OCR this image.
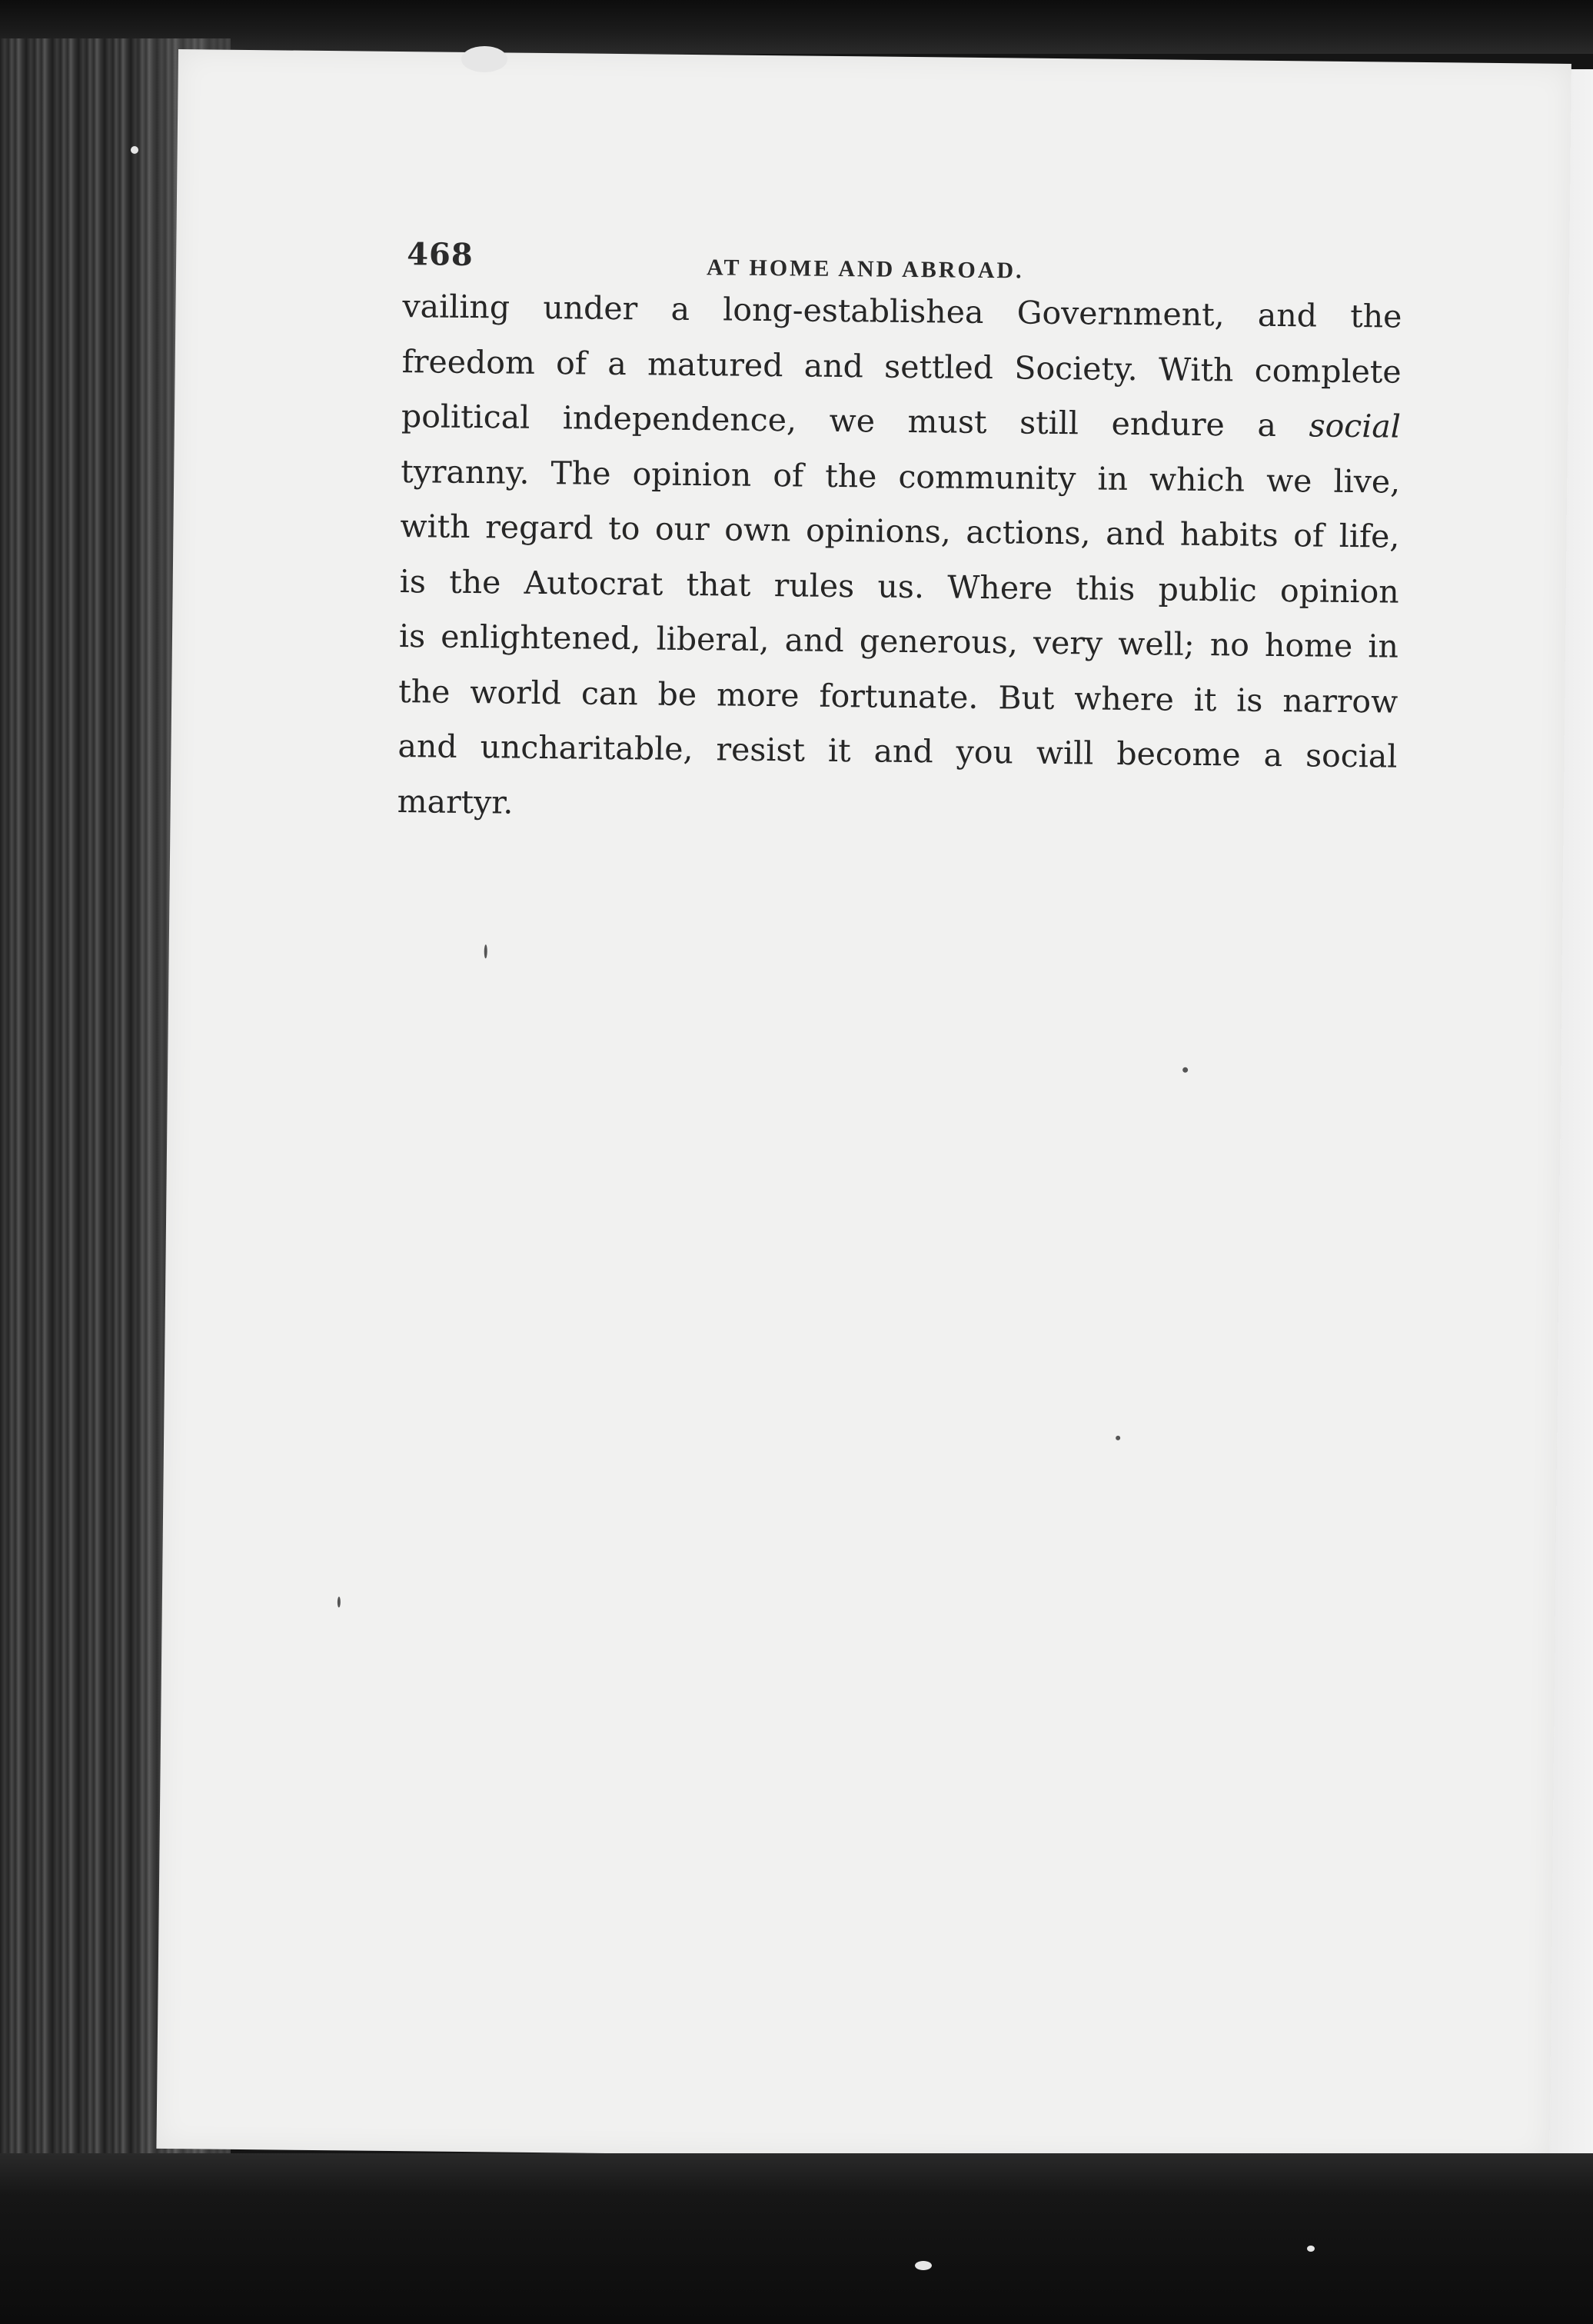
468	AT HOME AND ABROAD.

vailing under a long-establishea Government, and the
freedom of a matured and settled Society. With complete
political independence, we must still endure a social
tyranny. The opinion of the community in which we live,
with regard to our own opinions, actions, and habits of life,
is the Autocrat that rules us. Where this public opinion
is enlightened, liberal, and generous, very well; no home in
the world can be more fortunate. But where it is narrow
and uncharitable, resist it and you will become a social
martyr.
